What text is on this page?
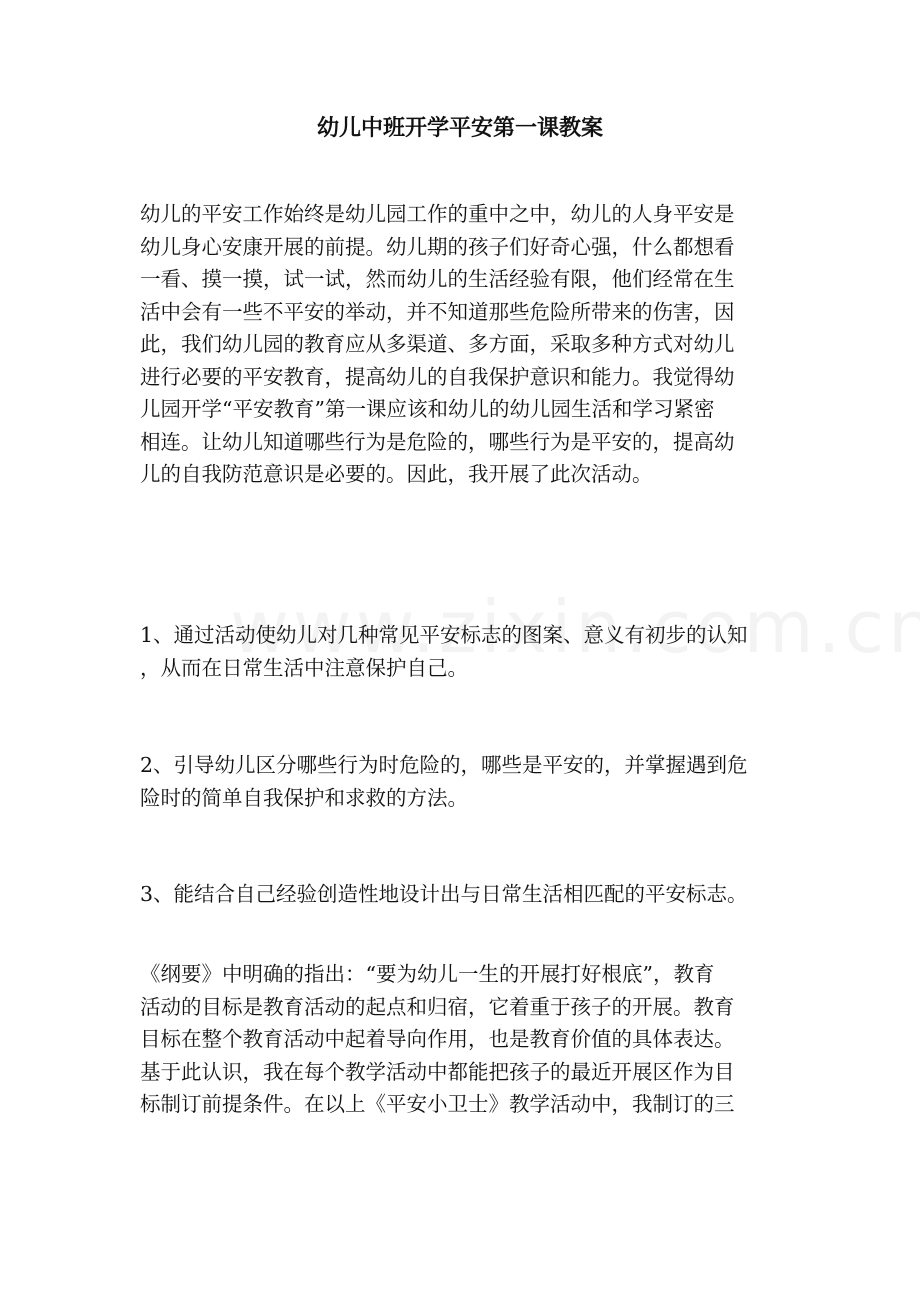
幼儿中班开学平安第一课教案
幼儿的平安工作始终是幼儿园工作的重中之中，幼儿的人身平安是
幼儿身心安康开展的前提。幼儿期的孩子们好奇心强，什么都想看
一看、摸一摸，试一试，然而幼儿的生活经验有限，他们经常在生
活中会有一些不平安的举动，并不知道那些危险所带来的伤害，因
此，我们幼儿园的教育应从多渠道、多方面，采取多种方式对幼儿
进行必要的平安教育，提高幼儿的自我保护意识和能力。我觉得幼
儿园开学“平安教育”第一课应该和幼儿的幼儿园生活和学习紧密
相连。让幼儿知道哪些行为是危险的，哪些行为是平安的，提高幼
儿的自我防范意识是必要的。因此，我开展了此次活动。
1、通过活动使幼儿对几种常见平安标志的图案、意义有初步的认知
，从而在日常生活中注意保护自己。
2、引导幼儿区分哪些行为时危险的，哪些是平安的，并掌握遇到危
险时的简单自我保护和求救的方法。
3、能结合自己经验创造性地设计出与日常生活相匹配的平安标志。
《纲要》中明确的指出：“要为幼儿一生的开展打好根底”，教育
活动的目标是教育活动的起点和归宿，它着重于孩子的开展。教育
目标在整个教育活动中起着导向作用，也是教育价值的具体表达。
基于此认识，我在每个教学活动中都能把孩子的最近开展区作为目
标制订前提条件。在以上《平安小卫士》教学活动中，我制订的三
